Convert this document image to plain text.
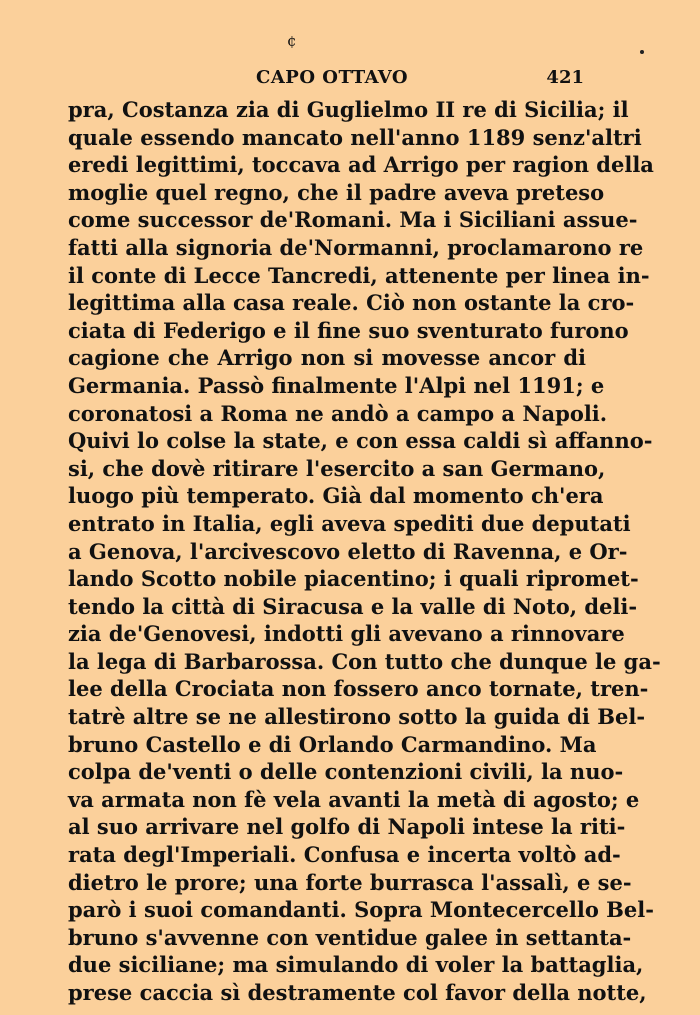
¢
CAPO OTTAVO	421
pra, Costanza zia di Guglielmo II re di Sicilia; il
quale essendo mancato nell'anno 1189 senz'altri
eredi legittimi, toccava ad Arrigo per ragion della
moglie quel regno, che il padre aveva preteso
come successor de'Romani. Ma i Siciliani assue-
fatti alla signoria de'Normanni, proclamarono re
il conte di Lecce Tancredi, attenente per linea in-
legittima alla casa reale. Ciò non ostante la cro-
ciata di Federigo e il fine suo sventurato furono
cagione che Arrigo non si movesse ancor di
Germania. Passò finalmente l'Alpi nel 1191; e
coronatosi a Roma ne andò a campo a Napoli.
Quivi lo colse la state, e con essa caldi sì affanno-
si, che dovè ritirare l'esercito a san Germano,
luogo più temperato. Già dal momento ch'era
entrato in Italia, egli aveva spediti due deputati
a Genova, l'arcivescovo eletto di Ravenna, e Or-
lando Scotto nobile piacentino; i quali ripromet-
tendo la città di Siracusa e la valle di Noto, deli-
zia de'Genovesi, indotti gli avevano a rinnovare
la lega di Barbarossa. Con tutto che dunque le ga-
lee della Crociata non fossero anco tornate, tren-
tatrè altre se ne allestirono sotto la guida di Bel-
bruno Castello e di Orlando Carmandino. Ma
colpa de'venti o delle contenzioni civili, la nuo-
va armata non fè vela avanti la metà di agosto; e
al suo arrivare nel golfo di Napoli intese la riti-
rata degl'Imperiali. Confusa e incerta voltò ad-
dietro le prore; una forte burrasca l'assalì, e se-
parò i suoi comandanti. Sopra Montecercello Bel-
bruno s'avvenne con ventidue galee in settanta-
due siciliane; ma simulando di voler la battaglia,
prese caccia sì destramente col favor della notte,
